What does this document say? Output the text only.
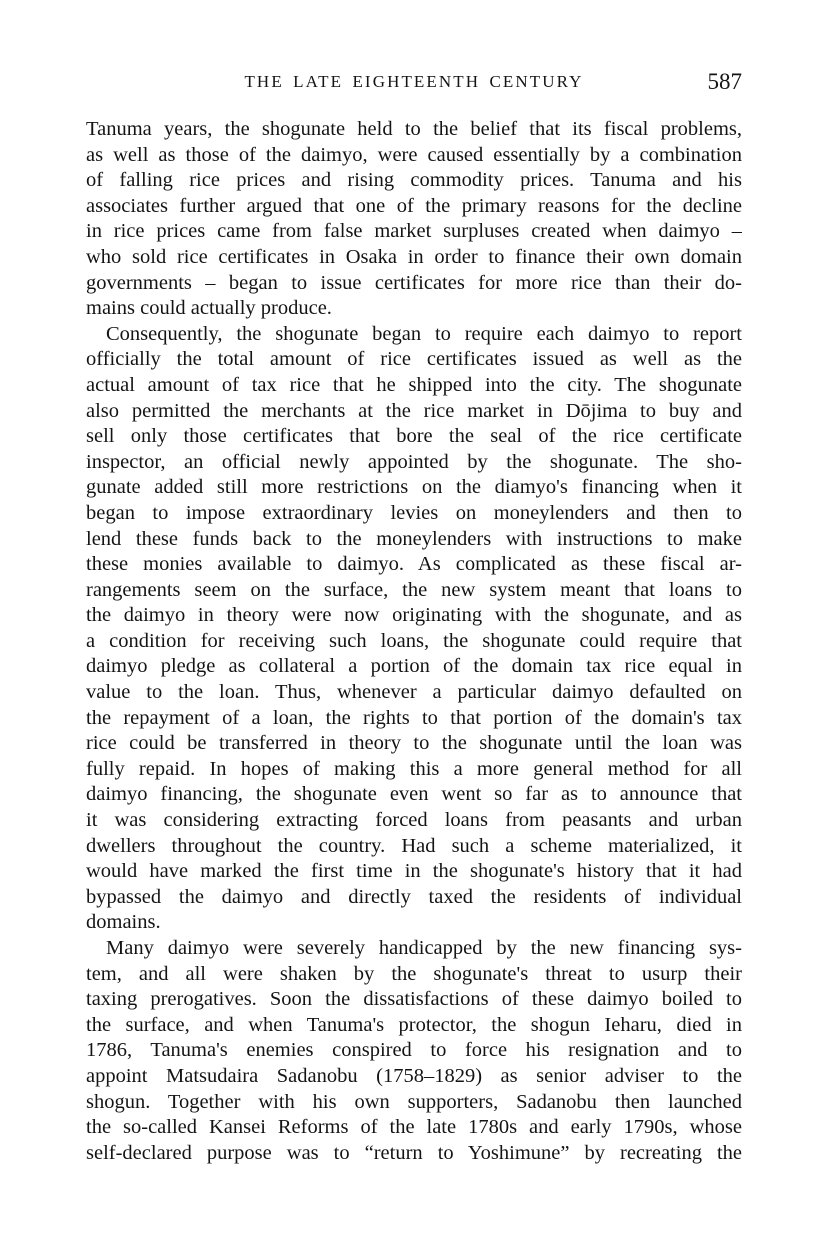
THE LATE EIGHTEENTH CENTURY	587
Tanuma years, the shogunate held to the belief that its fiscal problems,
as well as those of the daimyo, were caused essentially by a combination
of falling rice prices and rising commodity prices. Tanuma and his
associates further argued that one of the primary reasons for the decline
in rice prices came from false market surpluses created when daimyo –
who sold rice certificates in Osaka in order to finance their own domain
governments – began to issue certificates for more rice than their do-
mains could actually produce.
Consequently, the shogunate began to require each daimyo to report
officially the total amount of rice certificates issued as well as the
actual amount of tax rice that he shipped into the city. The shogunate
also permitted the merchants at the rice market in Dōjima to buy and
sell only those certificates that bore the seal of the rice certificate
inspector, an official newly appointed by the shogunate. The sho-
gunate added still more restrictions on the diamyo's financing when it
began to impose extraordinary levies on moneylenders and then to
lend these funds back to the moneylenders with instructions to make
these monies available to daimyo. As complicated as these fiscal ar-
rangements seem on the surface, the new system meant that loans to
the daimyo in theory were now originating with the shogunate, and as
a condition for receiving such loans, the shogunate could require that
daimyo pledge as collateral a portion of the domain tax rice equal in
value to the loan. Thus, whenever a particular daimyo defaulted on
the repayment of a loan, the rights to that portion of the domain's tax
rice could be transferred in theory to the shogunate until the loan was
fully repaid. In hopes of making this a more general method for all
daimyo financing, the shogunate even went so far as to announce that
it was considering extracting forced loans from peasants and urban
dwellers throughout the country. Had such a scheme materialized, it
would have marked the first time in the shogunate's history that it had
bypassed the daimyo and directly taxed the residents of individual
domains.
Many daimyo were severely handicapped by the new financing sys-
tem, and all were shaken by the shogunate's threat to usurp their
taxing prerogatives. Soon the dissatisfactions of these daimyo boiled to
the surface, and when Tanuma's protector, the shogun Ieharu, died in
1786, Tanuma's enemies conspired to force his resignation and to
appoint Matsudaira Sadanobu (1758–1829) as senior adviser to the
shogun. Together with his own supporters, Sadanobu then launched
the so-called Kansei Reforms of the late 1780s and early 1790s, whose
self-declared purpose was to “return to Yoshimune” by recreating the
